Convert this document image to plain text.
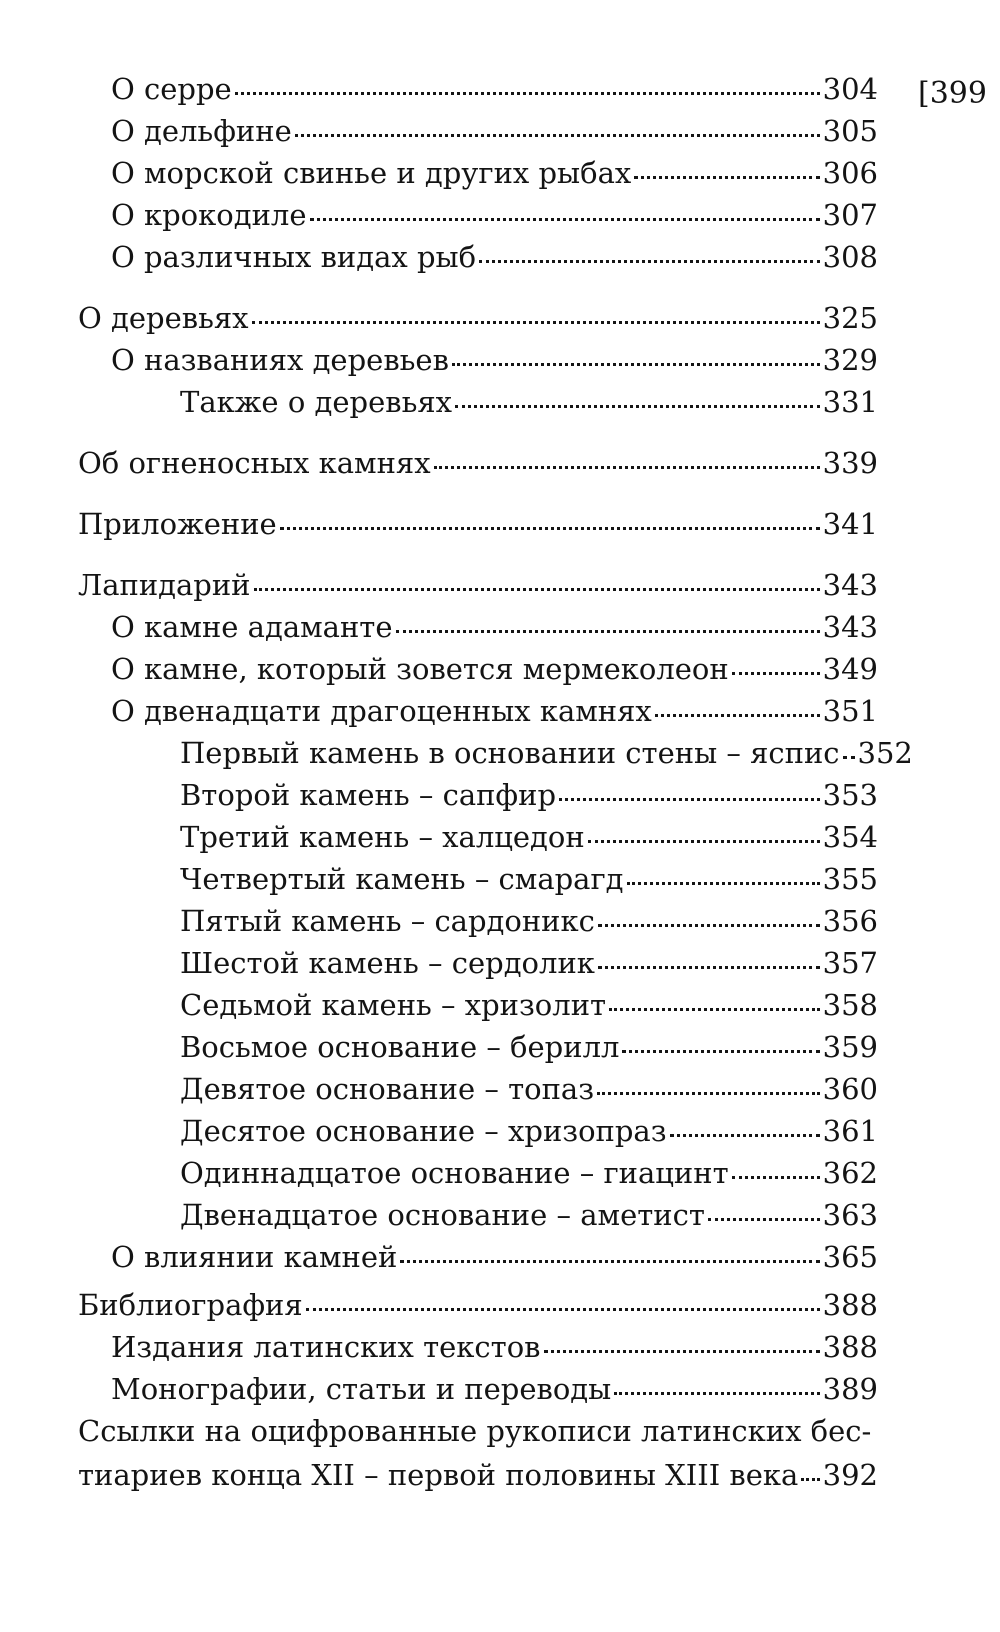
[399
О серре	304
О дельфине	305
О морской свинье и других рыбах	306
О крокодиле	307
О различных видах рыб	308
О деревьях	325
О названиях деревьев	329
Также о деревьях	331
Об огненосных камнях	339
Приложение	341
Лапидарий	343
О камне адаманте	343
О камне, который зовется мермеколеон	349
О двенадцати драгоценных камнях	351
Первый камень в основании стены – яспис 352
Второй камень – сапфир	353
Третий камень – халцедон	354
Четвертый камень – смарагд	355
Пятый камень – сардоникс	356
Шестой камень – сердолик	357
Седьмой камень – хризолит	358
Восьмое основание – берилл	359
Девятое основание – топаз	360
Десятое основание – хризопраз	361
Одиннадцатое основание – гиацинт	362
Двенадцатое основание – аметист	363
О влиянии камней	365
Библиография	388
Издания латинских текстов	388
Монографии, статьи и переводы	389
Ссылки на оцифрованные рукописи латинских бес-
тиариев конца XII – первой половины XIII века 392
